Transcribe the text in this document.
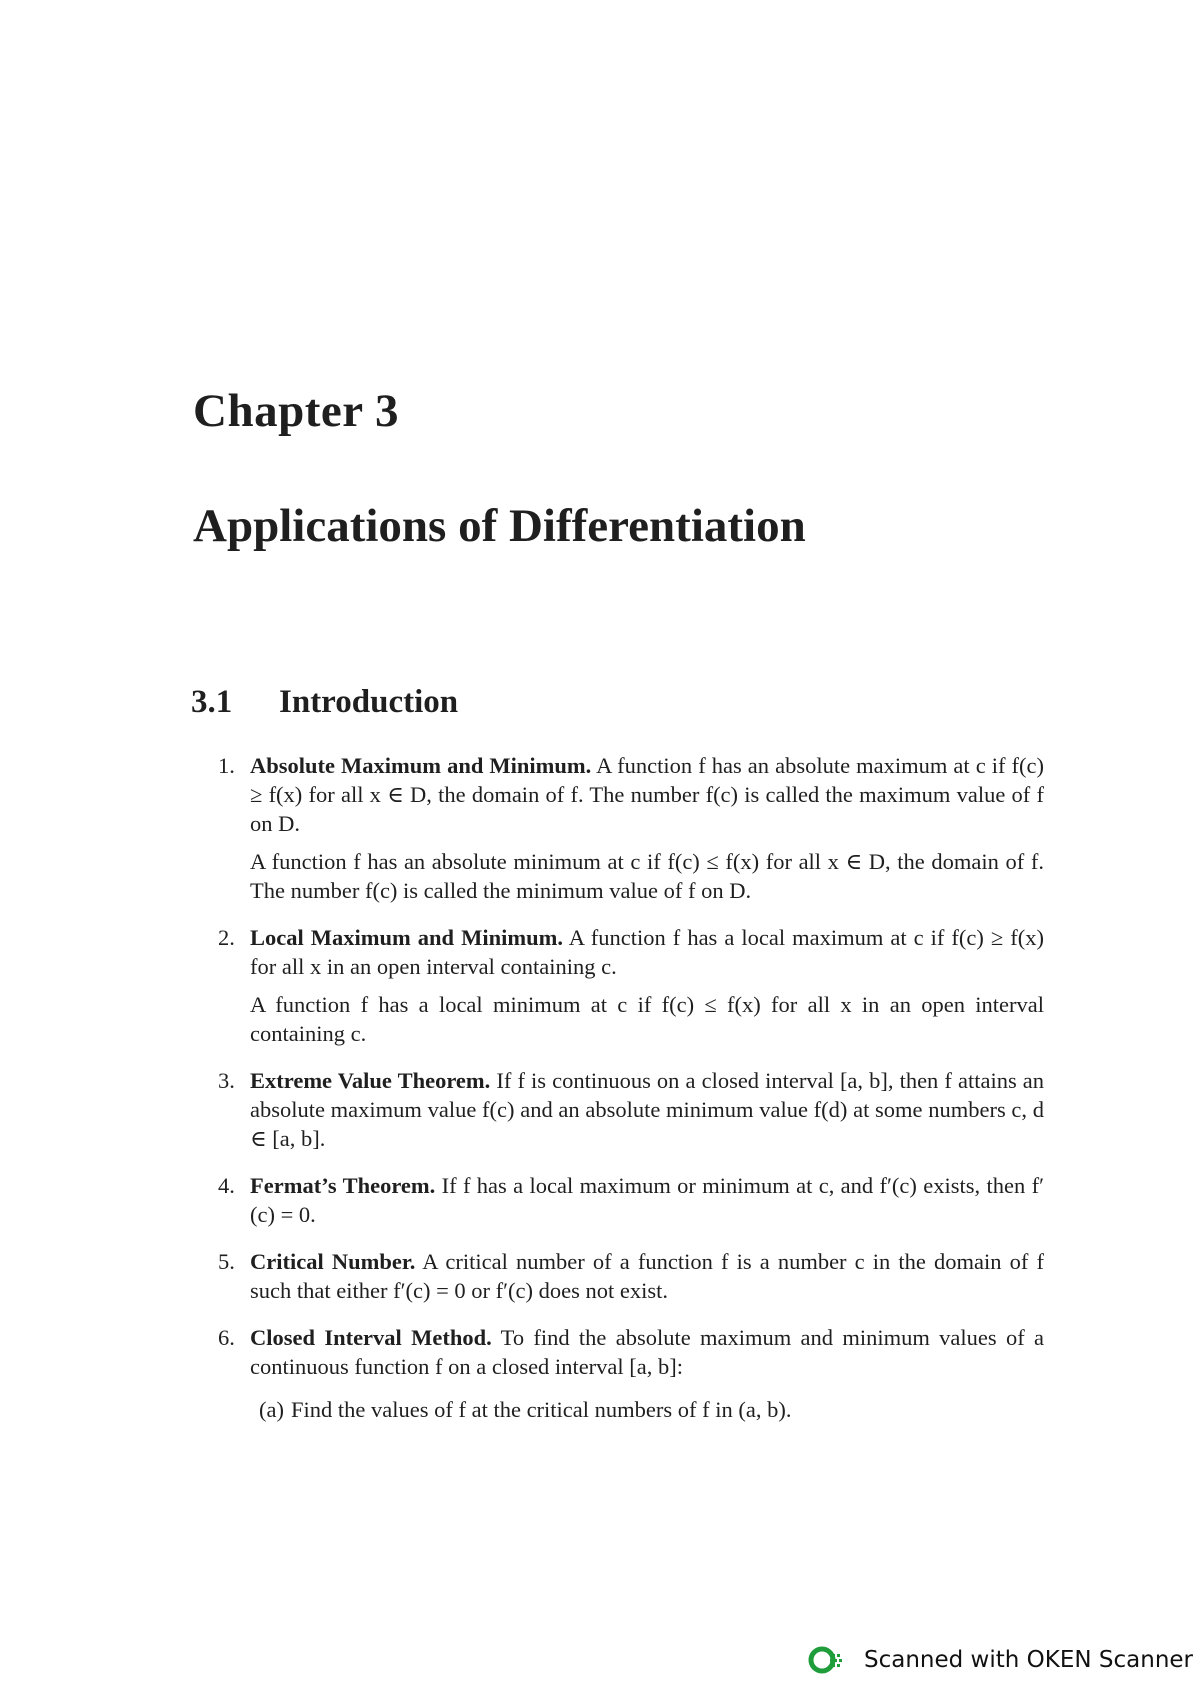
Chapter 3
Applications of Differentiation
3.1 Introduction
1. Absolute Maximum and Minimum. A function f has an absolute maximum at c if f(c) ≥ f(x) for all x ∈ D, the domain of f. The number f(c) is called the maximum value of f on D.

A function f has an absolute minimum at c if f(c) ≤ f(x) for all x ∈ D, the domain of f. The number f(c) is called the minimum value of f on D.

2. Local Maximum and Minimum. A function f has a local maximum at c if f(c) ≥ f(x) for all x in an open interval containing c.

A function f has a local minimum at c if f(c) ≤ f(x) for all x in an open interval containing c.

3. Extreme Value Theorem. If f is continuous on a closed interval [a, b], then f attains an absolute maximum value f(c) and an absolute minimum value f(d) at some numbers c, d ∈ [a, b].

4. Fermat’s Theorem. If f has a local maximum or minimum at c, and f′(c) exists, then f′(c) = 0.

5. Critical Number. A critical number of a function f is a number c in the domain of f such that either f′(c) = 0 or f′(c) does not exist.

6. Closed Interval Method. To find the absolute maximum and minimum values of a continuous function f on a closed interval [a, b]:

(a) Find the values of f at the critical numbers of f in (a, b).
Scanned with OKEN Scanner
